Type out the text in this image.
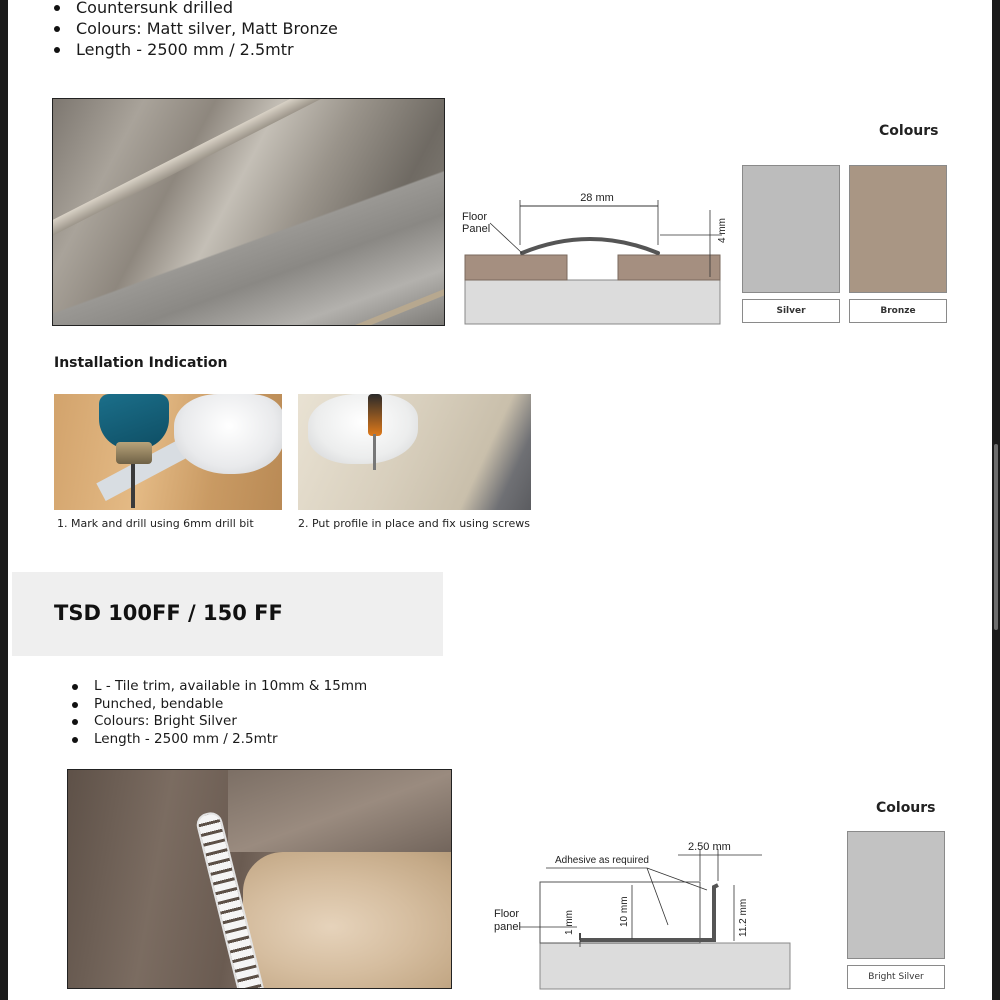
Countersunk drilled
Colours: Matt silver, Matt Bronze
Length - 2500 mm / 2.5mtr
28 mm
4 mm
Floor
Panel
Colours
Silver	Bronze
Installation Indication
1. Mark and drill using 6mm drill bit	2. Put profile in place and fix using screws
TSD 100FF / 150 FF
L - Tile trim, available in 10mm & 15mm
Punched, bendable
Colours: Bright Silver
Length - 2500 mm / 2.5mtr
Adhesive as required
2.50 mm
Floor
panel	1 mm	10 mm	11.2 mm
Colours
Bright Silver
